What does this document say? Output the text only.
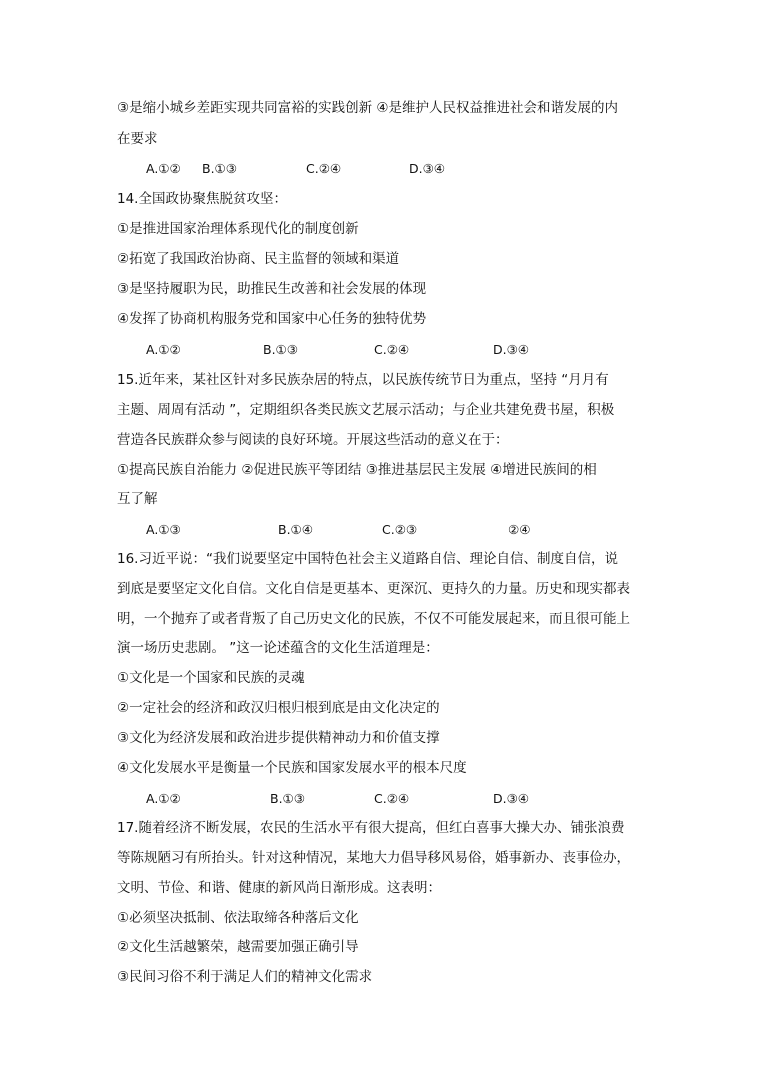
③是缩小城乡差距实现共同富裕的实践创新 ④是维护人民权益推进社会和谐发展的内
在要求
A.①② B.①③	C.②④	D.③④
14.全国政协聚焦脱贫攻坚：
①是推进国家治理体系现代化的制度创新
②拓宽了我国政治协商、民主监督的领域和渠道
③是坚持履职为民，助推民生改善和社会发展的体现
④发挥了协商机构服务党和国家中心任务的独特优势
A.①②	B.①③	C.②④	D.③④
15.近年来，某社区针对多民族杂居的特点，以民族传统节日为重点，坚持 “月月有
主题、周周有活动 ”，定期组织各类民族文艺展示活动；与企业共建免费书屋，积极
营造各民族群众参与阅读的良好环境。开展这些活动的意义在于：
①提高民族自治能力 ②促进民族平等团结 ③推进基层民主发展 ④增进民族间的相
互了解
A.①③	B.①④	C.②③	②④
16.习近平说：“我们说要坚定中国特色社会主义道路自信、理论自信、制度自信，说
到底是要坚定文化自信。文化自信是更基本、更深沉、更持久的力量。历史和现实都表
明，一个抛弃了或者背叛了自己历史文化的民族，不仅不可能发展起来，而且很可能上
演一场历史悲剧。 ”这一论述蕴含的文化生活道理是：
①文化是一个国家和民族的灵魂
②一定社会的经济和政汉归根归根到底是由文化决定的
③文化为经济发展和政治进步提供精神动力和价值支撑
④文化发展水平是衡量一个民族和国家发展水平的根本尺度
A.①②	B.①③	C.②④	D.③④
17.随着经济不断发展，农民的生活水平有很大提高，但红白喜事大操大办、铺张浪费
等陈规陋习有所抬头。针对这种情况，某地大力倡导移风易俗，婚事新办、丧事俭办，
文明、节俭、和谐、健康的新风尚日渐形成。这表明：
①必须坚决抵制、依法取缔各种落后文化
②文化生活越繁荣，越需要加强正确引导
③民间习俗不利于满足人们的精神文化需求
